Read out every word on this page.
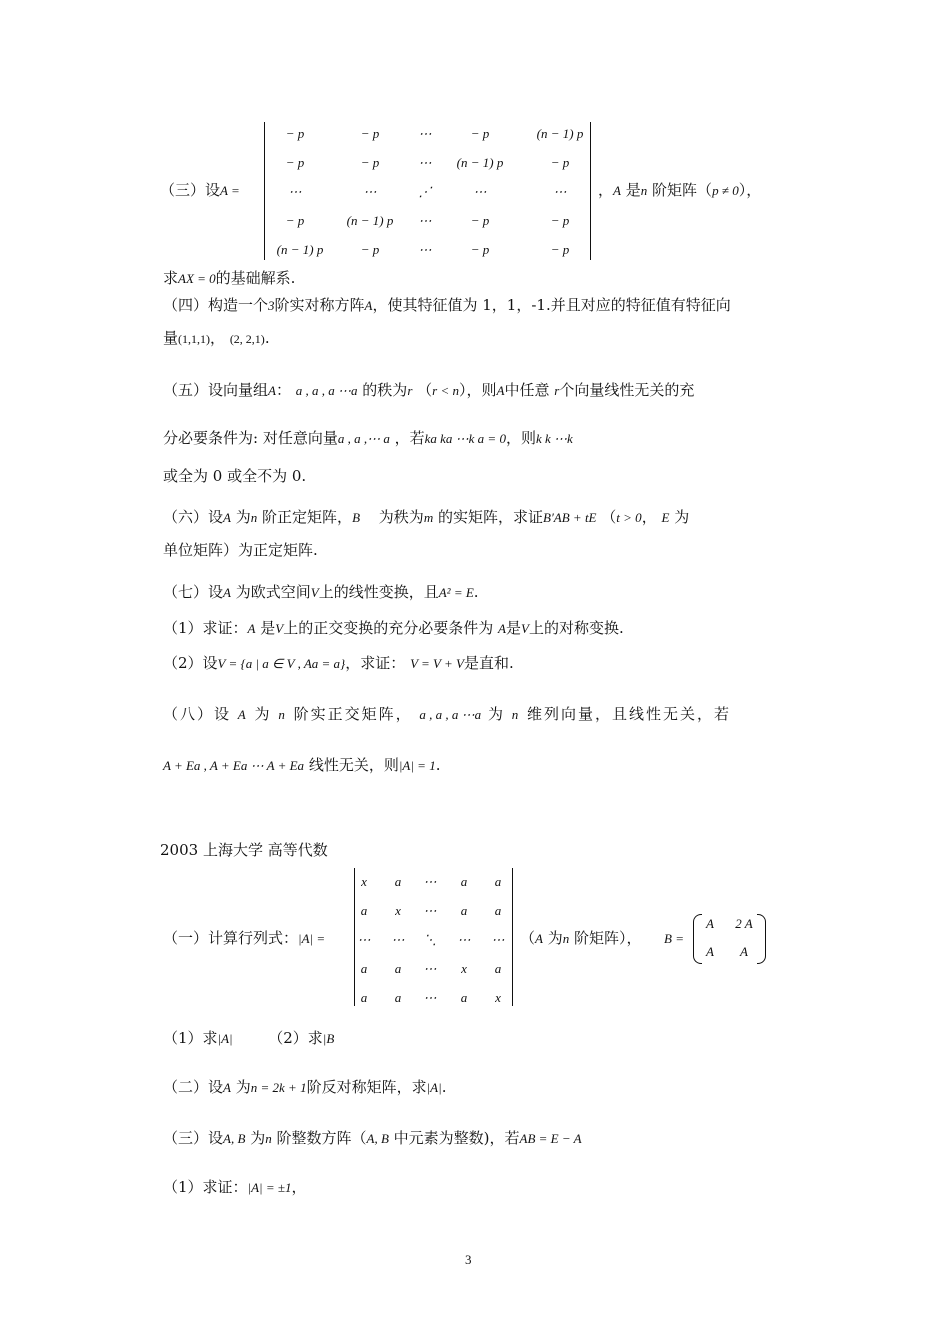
− p	− p	⋯	− p	(n − 1) p
− p	− p	⋯	(n − 1) p	− p
⋯	⋯	⋰	⋯	⋯
− p	(n − 1) p	⋯	− p	− p
(n − 1) p	− p	⋯	− p	− p
（三）设A =	，A 是n 阶矩阵（p ≠ 0），
求AX = 0的基础解系.
（四）构造一个3阶实对称方阵A，使其特征值为 1，1，-1.并且对应的特征值有特征向
量(1,1,1)， (2, 2,1).
（五）设向量组A： a , a , a ⋯a 的秩为r （r < n），则A中任意 r个向量线性无关的充
分必要条件为: 对任意向量a , a ,⋯ a ，若ka ka ⋯k a = 0，则k k ⋯k
或全为 0 或全不为 0.
（六）设A 为n 阶正定矩阵，B 为秩为m 的实矩阵，求证B′AB + tE （t > 0， E 为
单位矩阵）为正定矩阵.
（七）设A 为欧式空间V上的线性变换，且A² = E.
（1）求证：A 是V上的正交变换的充分必要条件为 A是V上的对称变换.
（2）设V = {a | a ∈ V , Aa = a}，求证： V = V + V是直和.
（八）设 A 为 n 阶实正交矩阵， a , a , a ⋯a 为 n 维列向量，且线性无关，若
A + Ea , A + Ea ⋯ A + Ea 线性无关，则|A| = 1.
2003 上海大学 高等代数
x	a	⋯	a	a
a	x	⋯	a	a
⋯	⋯	⋱	⋯	⋯
a	a	⋯	x	a
a	a	⋯	a	x
（一）计算行列式：|A| =	（A 为n 阶矩阵）， B =
A	2 A
A	A
（1）求|A| （2）求|B
（二）设A 为n = 2k + 1阶反对称矩阵，求|A|.
（三）设A, B 为n 阶整数方阵（A, B 中元素为整数)，若AB = E − A
（1）求证：|A| = ±1，
3
